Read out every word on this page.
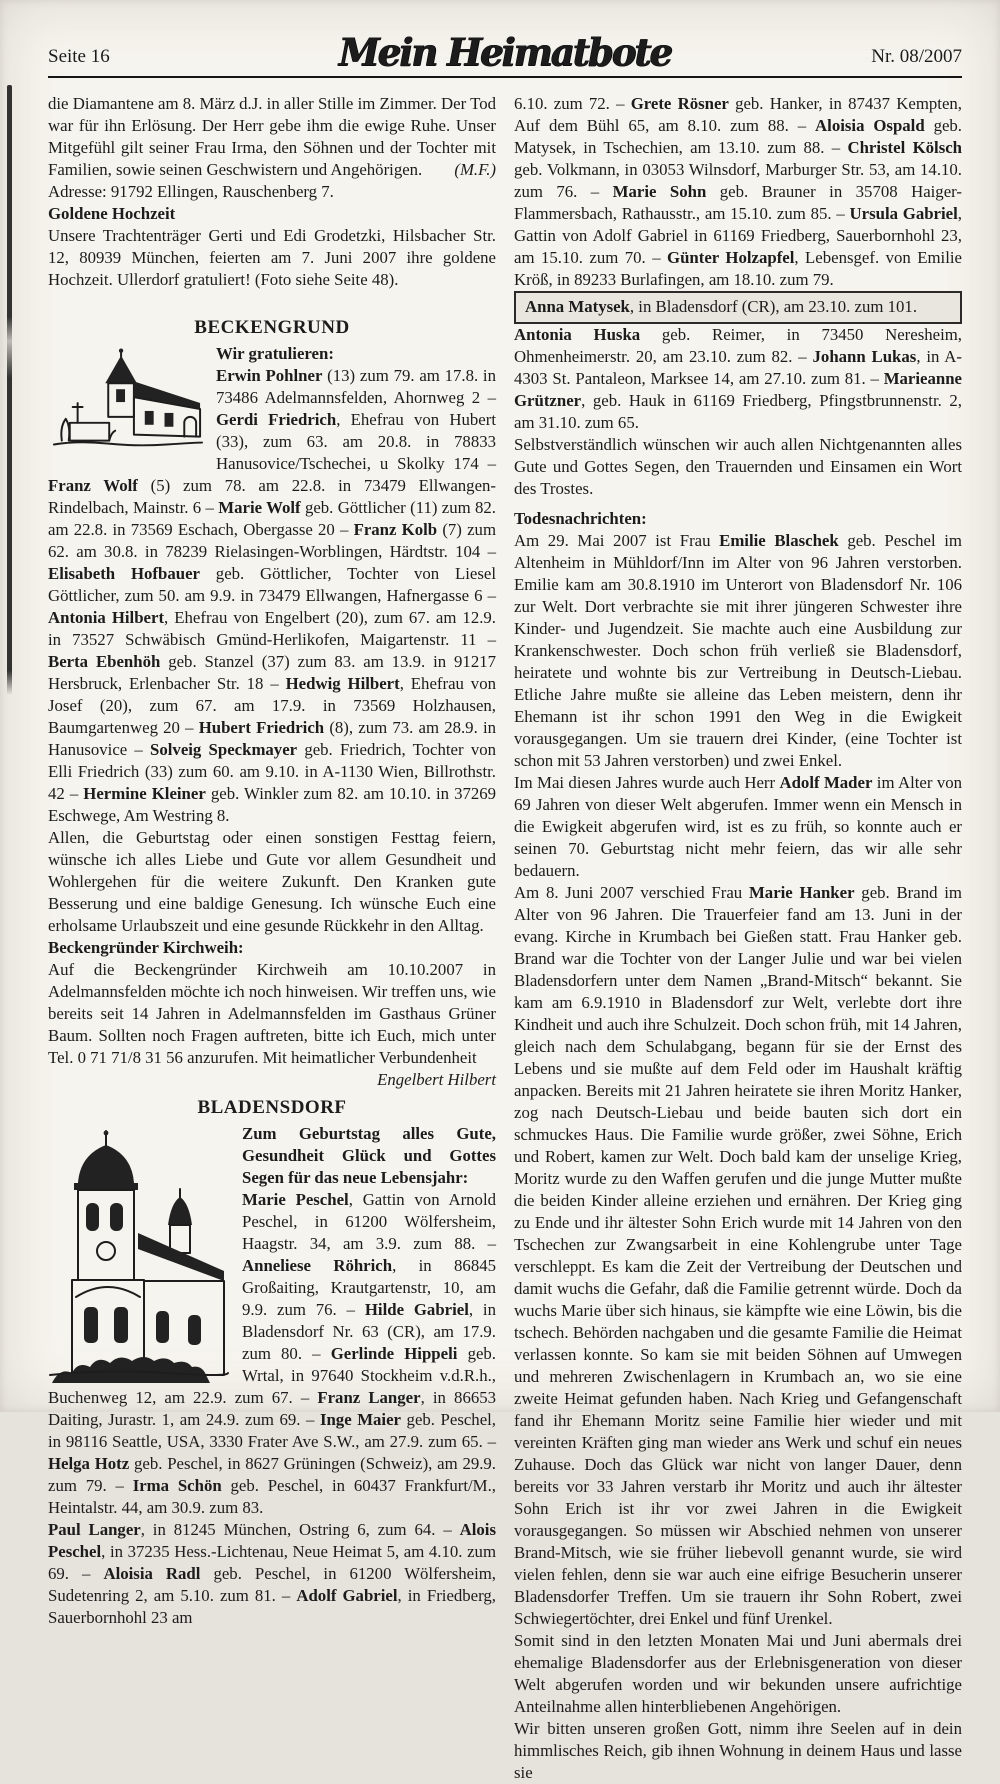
Seite 16	Mein Heimatbote	Nr. 08/2007

die Diamantene am 8. März d.J. in aller Stille im Zimmer. Der Tod war für ihn Erlösung. Der Herr gebe ihm die ewige Ruhe. Unser Mitgefühl gilt seiner Frau Irma, den Söhnen und der Tochter mit Familien, sowie seinen Geschwistern und Angehörigen. (M.F.)

Adresse: 91792 Ellingen, Rauschenberg 7.

Goldene Hochzeit

Unsere Trachtenträger Gerti und Edi Grodetzki, Hilsbacher Str. 12, 80939 München, feierten am 7. Juni 2007 ihre goldene Hochzeit. Ullerdorf gratuliert! (Foto siehe Seite 48).

BECKENGRUND

Wir gratulieren:

Erwin Pohlner (13) zum 79. am 17.8. in 73486 Adelmannsfelden, Ahornweg 2 – Gerdi Friedrich, Ehefrau von Hubert (33), zum 63. am 20.8. in 78833 Hanusovice/Tschechei, u Skolky 174 – Franz Wolf (5) zum 78. am 22.8. in 73479 Ellwangen-Rindelbach, Mainstr. 6 – Marie Wolf geb. Göttlicher (11) zum 82. am 22.8. in 73569 Eschach, Obergasse 20 – Franz Kolb (7) zum 62. am 30.8. in 78239 Rielasingen-Worblingen, Härdtstr. 104 – Elisabeth Hofbauer geb. Göttlicher, Tochter von Liesel Göttlicher, zum 50. am 9.9. in 73479 Ellwangen, Hafnergasse 6 – Antonia Hilbert, Ehefrau von Engelbert (20), zum 67. am 12.9. in 73527 Schwäbisch Gmünd-Herlikofen, Maigartenstr. 11 – Berta Ebenhöh geb. Stanzel (37) zum 83. am 13.9. in 91217 Hersbruck, Erlenbacher Str. 18 – Hedwig Hilbert, Ehefrau von Josef (20), zum 67. am 17.9. in 73569 Holzhausen, Baumgartenweg 20 – Hubert Friedrich (8), zum 73. am 28.9. in Hanusovice – Solveig Speckmayer geb. Friedrich, Tochter von Elli Friedrich (33) zum 60. am 9.10. in A-1130 Wien, Billrothstr. 42 – Hermine Kleiner geb. Winkler zum 82. am 10.10. in 37269 Eschwege, Am Westring 8.

Allen, die Geburtstag oder einen sonstigen Festtag feiern, wünsche ich alles Liebe und Gute vor allem Gesundheit und Wohlergehen für die weitere Zukunft. Den Kranken gute Besserung und eine baldige Genesung. Ich wünsche Euch eine erholsame Urlaubszeit und eine gesunde Rückkehr in den Alltag.

Beckengründer Kirchweih:

Auf die Beckengründer Kirchweih am 10.10.2007 in Adelmannsfelden möchte ich noch hinweisen. Wir treffen uns, wie bereits seit 14 Jahren in Adelmannsfelden im Gasthaus Grüner Baum. Sollten noch Fragen auftreten, bitte ich Euch, mich unter Tel. 0 71 71/8 31 56 anzurufen. Mit heimatlicher Verbundenheit
Engelbert Hilbert

BLADENSDORF

Zum Geburtstag alles Gute, Gesundheit Glück und Gottes Segen für das neue Lebensjahr:

Marie Peschel, Gattin von Arnold Peschel, in 61200 Wölfersheim, Haagstr. 34, am 3.9. zum 88. – Anneliese Röhrich, in 86845 Großaiting, Krautgartenstr, 10, am 9.9. zum 76. – Hilde Gabriel, in Bladensdorf Nr. 63 (CR), am 17.9. zum 80. – Gerlinde Hippeli geb. Wrtal, in 97640 Stockheim v.d.R.h., Buchenweg 12, am 22.9. zum 67. – Franz Langer, in 86653 Daiting, Jurastr. 1, am 24.9. zum 69. – Inge Maier geb. Peschel, in 98116 Seattle, USA, 3330 Frater Ave S.W., am 27.9. zum 65. – Helga Hotz geb. Peschel, in 8627 Grüningen (Schweiz), am 29.9. zum 79. – Irma Schön geb. Peschel, in 60437 Frankfurt/M., Heintalstr. 44, am 30.9. zum 83.

Paul Langer, in 81245 München, Ostring 6, zum 64. – Alois Peschel, in 37235 Hess.-Lichtenau, Neue Heimat 5, am 4.10. zum 69. – Aloisia Radl geb. Peschel, in 61200 Wölfersheim, Sudetenring 2, am 5.10. zum 81. – Adolf Gabriel, in Friedberg, Sauerbornhohl 23 am

6.10. zum 72. – Grete Rösner geb. Hanker, in 87437 Kempten, Auf dem Bühl 65, am 8.10. zum 88. – Aloisia Ospald geb. Matysek, in Tschechien, am 13.10. zum 88. – Christel Kölsch geb. Volkmann, in 03053 Wilnsdorf, Marburger Str. 53, am 14.10. zum 76. – Marie Sohn geb. Brauner in 35708 Haiger-Flammersbach, Rathausstr., am 15.10. zum 85. – Ursula Gabriel, Gattin von Adolf Gabriel in 61169 Friedberg, Sauerbornhohl 23, am 15.10. zum 70. – Günter Holzapfel, Lebensgef. von Emilie Kröß, in 89233 Burlafingen, am 18.10. zum 79.

Anna Matysek, in Bladensdorf (CR), am 23.10. zum 101.

Antonia Huska geb. Reimer, in 73450 Neresheim, Ohmenheimerstr. 20, am 23.10. zum 82. – Johann Lukas, in A-4303 St. Pantaleon, Marksee 14, am 27.10. zum 81. – Marieanne Grützner, geb. Hauk in 61169 Friedberg, Pfingstbrunnenstr. 2, am 31.10. zum 65.

Selbstverständlich wünschen wir auch allen Nichtgenannten alles Gute und Gottes Segen, den Trauernden und Einsamen ein Wort des Trostes.

Todesnachrichten:

Am 29. Mai 2007 ist Frau Emilie Blaschek geb. Peschel im Altenheim in Mühldorf/Inn im Alter von 96 Jahren verstorben. Emilie kam am 30.8.1910 im Unterort von Bladensdorf Nr. 106 zur Welt. Dort verbrachte sie mit ihrer jüngeren Schwester ihre Kinder- und Jugendzeit. Sie machte auch eine Ausbildung zur Krankenschwester. Doch schon früh verließ sie Bladensdorf, heiratete und wohnte bis zur Vertreibung in Deutsch-Liebau. Etliche Jahre mußte sie alleine das Leben meistern, denn ihr Ehemann ist ihr schon 1991 den Weg in die Ewigkeit vorausgegangen. Um sie trauern drei Kinder, (eine Tochter ist schon mit 53 Jahren verstorben) und zwei Enkel.

Im Mai diesen Jahres wurde auch Herr Adolf Mader im Alter von 69 Jahren von dieser Welt abgerufen. Immer wenn ein Mensch in die Ewigkeit abgerufen wird, ist es zu früh, so konnte auch er seinen 70. Geburtstag nicht mehr feiern, das wir alle sehr bedauern.

Am 8. Juni 2007 verschied Frau Marie Hanker geb. Brand im Alter von 96 Jahren. Die Trauerfeier fand am 13. Juni in der evang. Kirche in Krumbach bei Gießen statt. Frau Hanker geb. Brand war die Tochter von der Langer Julie und war bei vielen Bladensdorfern unter dem Namen „Brand-Mitsch“ bekannt. Sie kam am 6.9.1910 in Bladensdorf zur Welt, verlebte dort ihre Kindheit und auch ihre Schulzeit. Doch schon früh, mit 14 Jahren, gleich nach dem Schulabgang, begann für sie der Ernst des Lebens und sie mußte auf dem Feld oder im Haushalt kräftig anpacken. Bereits mit 21 Jahren heiratete sie ihren Moritz Hanker, zog nach Deutsch-Liebau und beide bauten sich dort ein schmuckes Haus. Die Familie wurde größer, zwei Söhne, Erich und Robert, kamen zur Welt. Doch bald kam der unselige Krieg, Moritz wurde zu den Waffen gerufen und die junge Mutter mußte die beiden Kinder alleine erziehen und ernähren. Der Krieg ging zu Ende und ihr ältester Sohn Erich wurde mit 14 Jahren von den Tschechen zur Zwangsarbeit in eine Kohlengrube unter Tage verschleppt. Es kam die Zeit der Vertreibung der Deutschen und damit wuchs die Gefahr, daß die Familie getrennt würde. Doch da wuchs Marie über sich hinaus, sie kämpfte wie eine Löwin, bis die tschech. Behörden nachgaben und die gesamte Familie die Heimat verlassen konnte. So kam sie mit beiden Söhnen auf Umwegen und mehreren Zwischenlagern in Krumbach an, wo sie eine zweite Heimat gefunden haben. Nach Krieg und Gefangenschaft fand ihr Ehemann Moritz seine Familie hier wieder und mit vereinten Kräften ging man wieder ans Werk und schuf ein neues Zuhause. Doch das Glück war nicht von langer Dauer, denn bereits vor 33 Jahren verstarb ihr Moritz und auch ihr ältester Sohn Erich ist ihr vor zwei Jahren in die Ewigkeit vorausgegangen. So müssen wir Abschied nehmen von unserer Brand-Mitsch, wie sie früher liebevoll genannt wurde, sie wird vielen fehlen, denn sie war auch eine eifrige Besucherin unserer Bladensdorfer Treffen. Um sie trauern ihr Sohn Robert, zwei Schwiegertöchter, drei Enkel und fünf Urenkel.

Somit sind in den letzten Monaten Mai und Juni abermals drei ehemalige Bladensdorfer aus der Erlebnisgeneration von dieser Welt abgerufen worden und wir bekunden unsere aufrichtige Anteilnahme allen hinterbliebenen Angehörigen.

Wir bitten unseren großen Gott, nimm ihre Seelen auf in dein himmlisches Reich, gib ihnen Wohnung in deinem Haus und lasse sie
